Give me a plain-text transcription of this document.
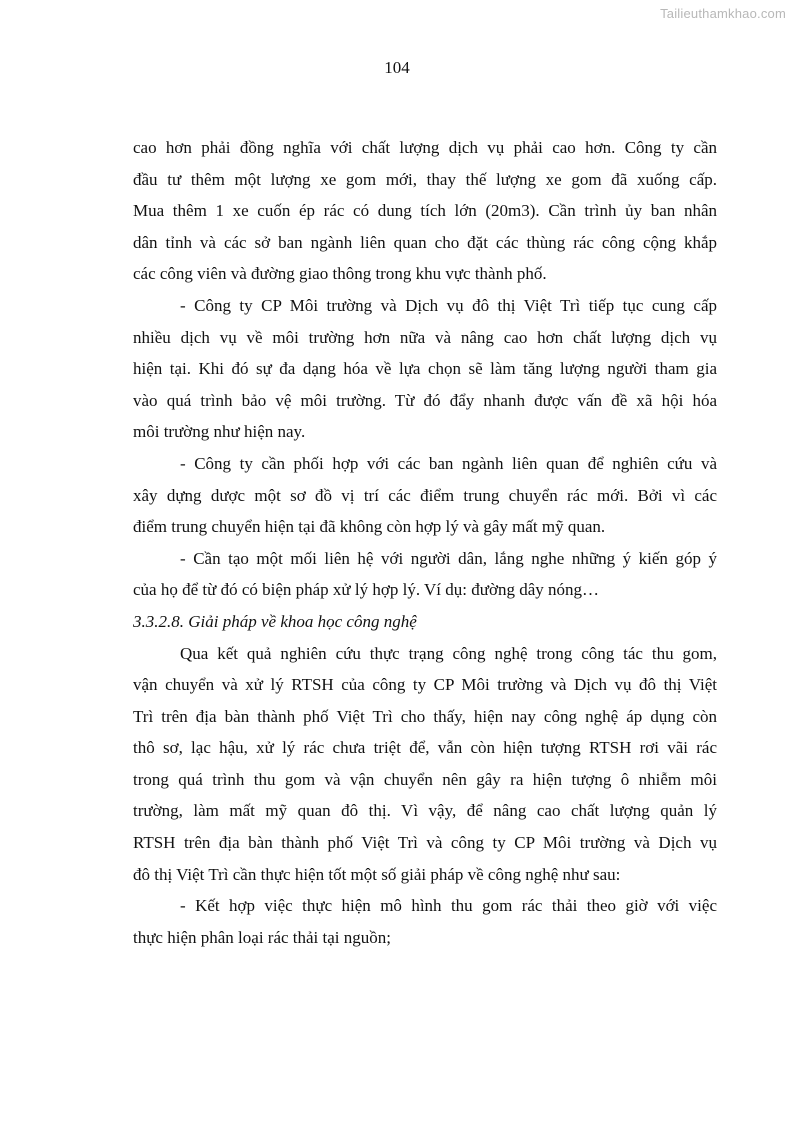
Tailieuthamkhao.com
104
cao hơn phải đồng nghĩa với chất lượng dịch vụ phải cao hơn. Công ty cần
đầu tư thêm một lượng xe gom mới, thay thế lượng xe gom đã xuống cấp.
Mua thêm 1 xe cuốn ép rác có dung tích lớn (20m3). Cần trình ủy ban nhân
dân tỉnh và các sở ban ngành liên quan cho đặt các thùng rác công cộng khắp
các công viên và đường giao thông trong khu vực thành phố.
- Công ty CP Môi trường và Dịch vụ đô thị Việt Trì tiếp tục cung cấp
nhiều dịch vụ về môi trường hơn nữa và nâng cao hơn chất lượng dịch vụ
hiện tại. Khi đó sự đa dạng hóa về lựa chọn sẽ làm tăng lượng người tham gia
vào quá trình bảo vệ môi trường. Từ đó đẩy nhanh được vấn đề xã hội hóa
môi trường như hiện nay.
- Công ty cần phối hợp với các ban ngành liên quan để nghiên cứu và
xây dựng dược một sơ đồ vị trí các điểm trung chuyển rác mới. Bởi vì các
điểm trung chuyển hiện tại đã không còn hợp lý và gây mất mỹ quan.
- Cần tạo một mối liên hệ với người dân, lắng nghe những ý kiến góp ý
của họ để từ đó có biện pháp xử lý hợp lý. Ví dụ: đường dây nóng…
3.3.2.8. Giải pháp về khoa học công nghệ
Qua kết quả nghiên cứu thực trạng công nghệ trong công tác thu gom,
vận chuyển và xử lý RTSH của công ty CP Môi trường và Dịch vụ đô thị Việt
Trì trên địa bàn thành phố Việt Trì cho thấy, hiện nay công nghệ áp dụng còn
thô sơ, lạc hậu, xử lý rác chưa triệt để, vẫn còn hiện tượng RTSH rơi vãi rác
trong quá trình thu gom và vận chuyển nên gây ra hiện tượng ô nhiễm môi
trường, làm mất mỹ quan đô thị. Vì vậy, để nâng cao chất lượng quản lý
RTSH trên địa bàn thành phố Việt Trì và công ty CP Môi trường và Dịch vụ
đô thị Việt Trì cần thực hiện tốt một số giải pháp về công nghệ như sau:
- Kết hợp việc thực hiện mô hình thu gom rác thải theo giờ với việc
thực hiện phân loại rác thải tại nguồn;
